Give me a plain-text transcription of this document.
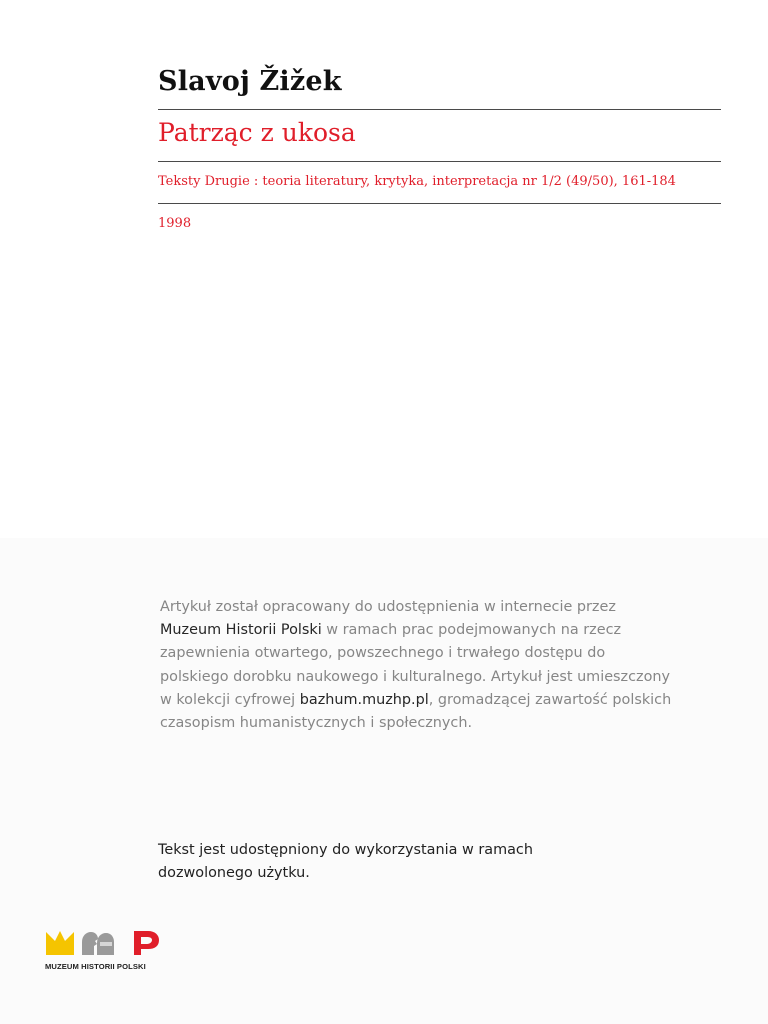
Slavoj Žižek
Patrząc z ukosa
Teksty Drugie : teoria literatury, krytyka, interpretacja nr 1/2 (49/50), 161-184
1998
Artykuł został opracowany do udostępnienia w internecie przez
Muzeum Historii Polski w ramach prac podejmowanych na rzecz
zapewnienia otwartego, powszechnego i trwałego dostępu do
polskiego dorobku naukowego i kulturalnego. Artykuł jest umieszczony
w kolekcji cyfrowej bazhum.muzhp.pl, gromadzącej zawartość polskich
czasopism humanistycznych i społecznych.
Tekst jest udostępniony do wykorzystania w ramach
dozwolonego użytku.
MUZEUM HISTORII POLSKI
